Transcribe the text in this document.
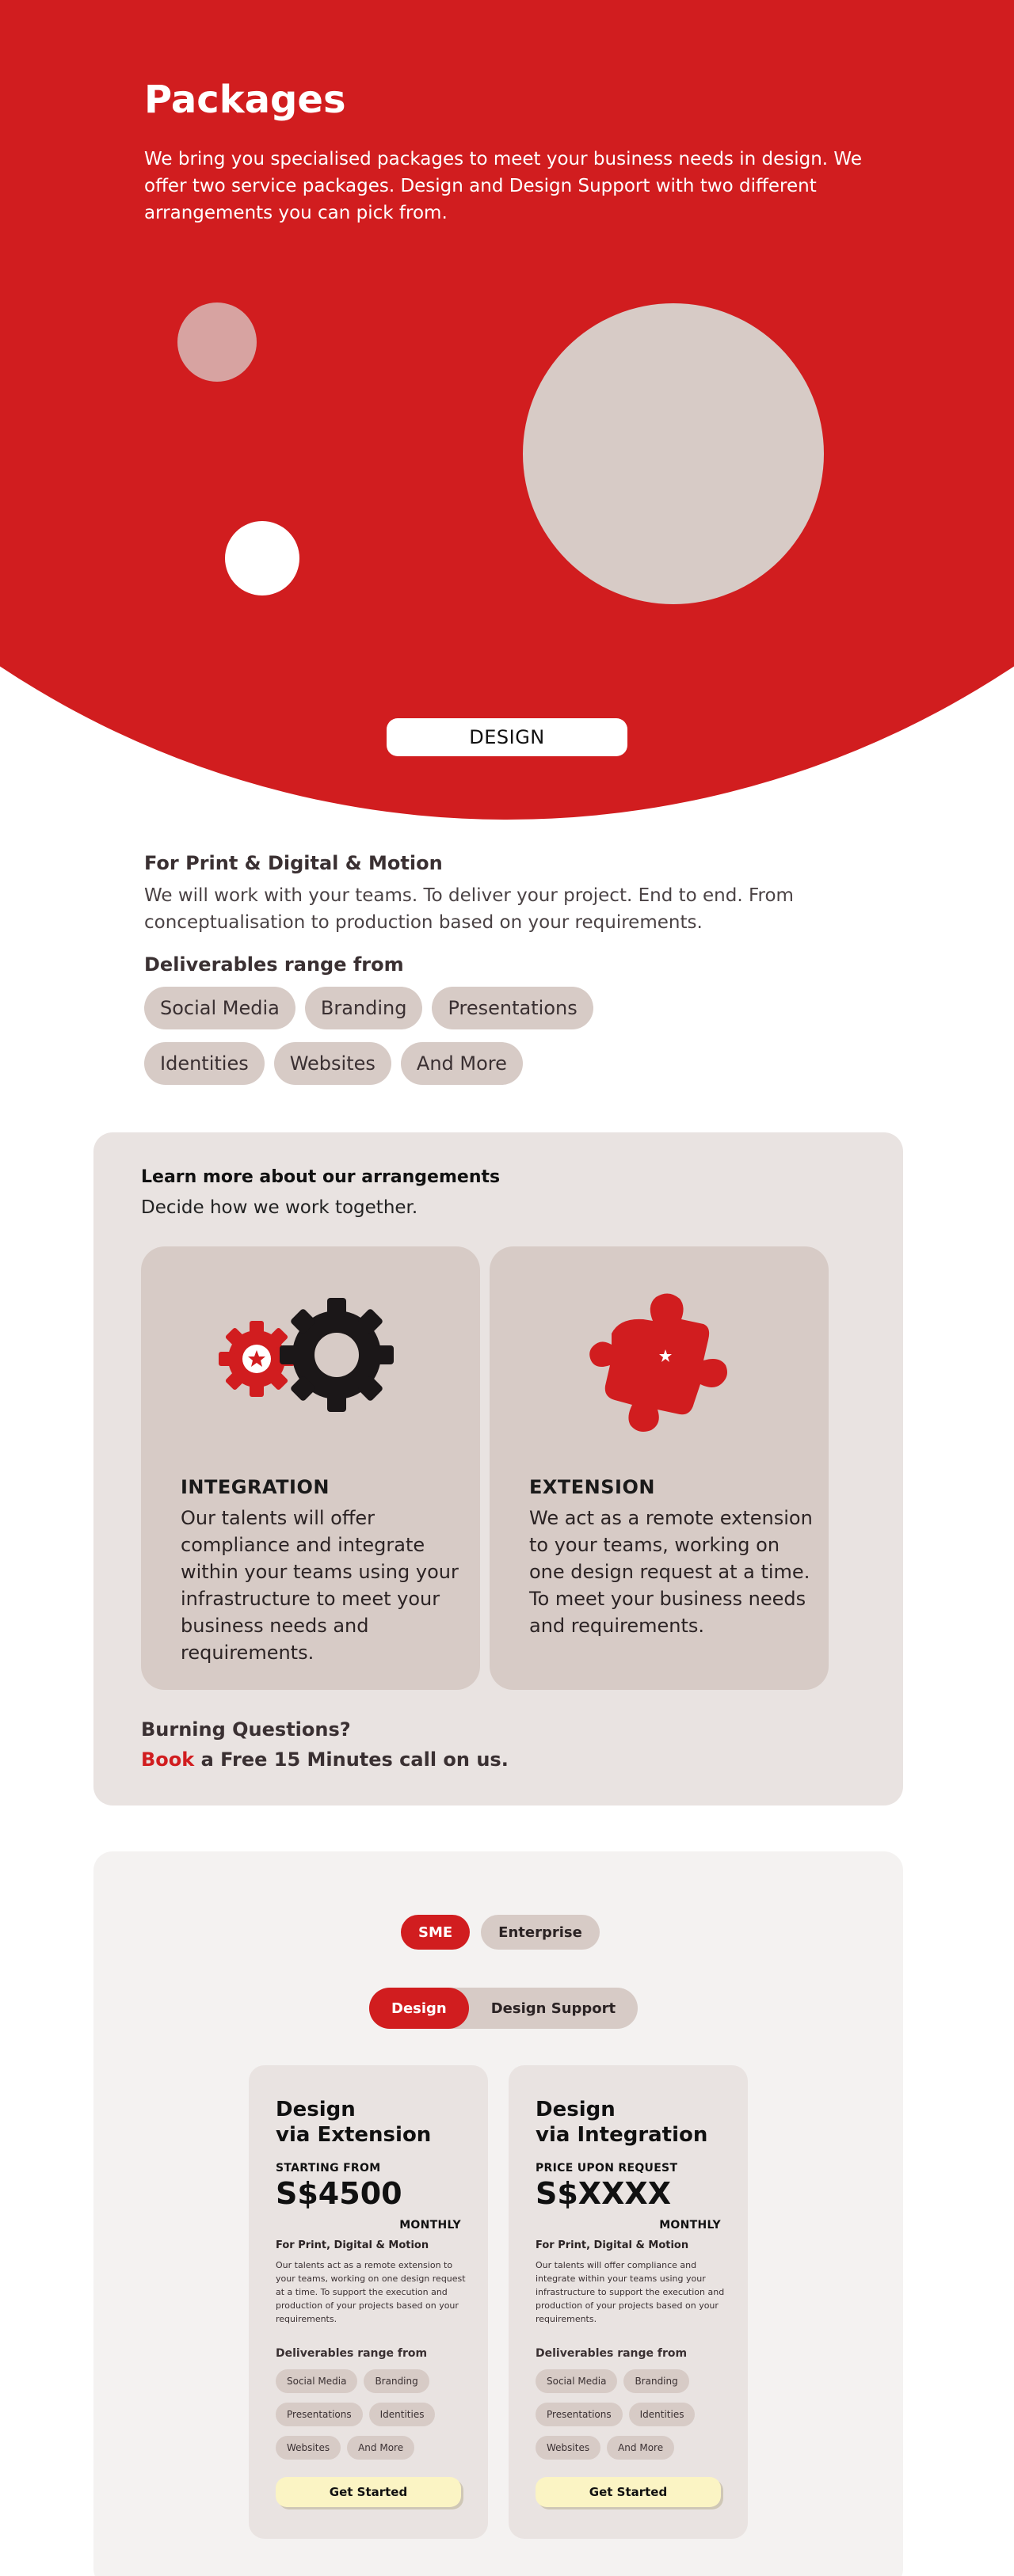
Packages

We bring you specialised packages to meet your business needs in design. We offer two service packages. Design and Design Support with two different arrangements you can pick from.

DESIGN
For Print & Digital & Motion

We will work with your teams. To deliver your project. End to end. From conceptualisation to production based on your requirements.

Deliverables range from
Social Media	Branding	Presentations
Identities	Websites	And More
Learn more about our arrangements
Decide how we work together.
INTEGRATION
Our talents will offer compliance and integrate within your teams using your infrastructure to meet your business needs and requirements.
EXTENSION
We act as a remote extension to your teams, working on one design request at a time.
To meet your business needs and requirements.
Burning Questions?
Book a Free 15 Minutes call on us.
SME	Enterprise
Design	Design Support
Design
via Extension
STARTING FROM
S$4500
MONTHLY
For Print, Digital & Motion

Our talents act as a remote extension to your teams, working on one design request at a time. To support the execution and production of your projects based on your requirements.

Deliverables range from
Social Media	Branding
Presentations	Identities
Websites	And More
Get Started
Design
via Integration
PRICE UPON REQUEST
S$XXXX
MONTHLY
For Print, Digital & Motion

Our talents will offer compliance and integrate within your teams using your infrastructure to support the execution and production of your projects based on your requirements.

Deliverables range from
Social Media	Branding
Presentations	Identities
Websites	And More
Get Started
